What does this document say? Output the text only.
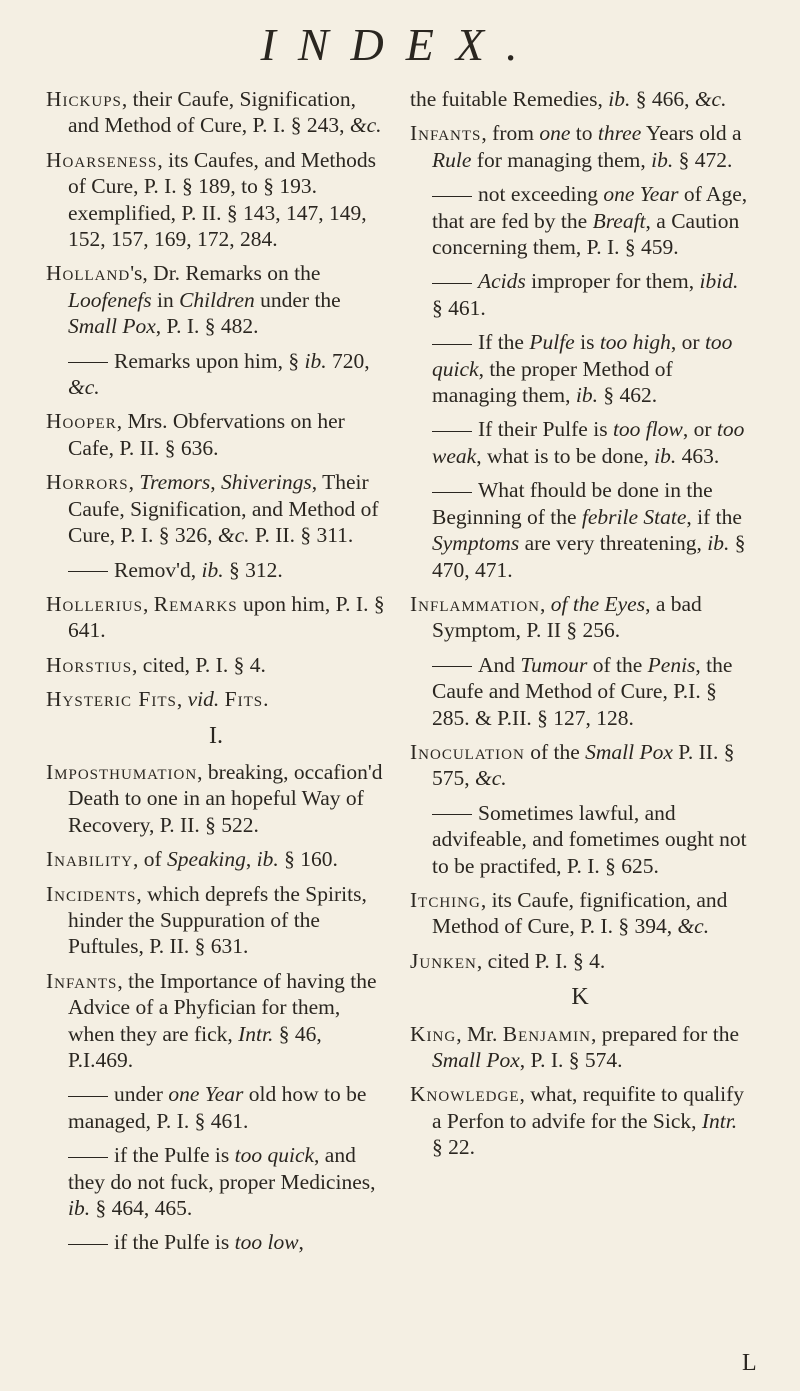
INDEX.

Hickups, their Caufe, Signification, and Method of Cure, P. I. § 243, &c.

Hoarseness, its Caufes, and Methods of Cure, P. I. § 189, to § 193. exemplified, P. II. § 143, 147, 149, 152, 157, 169, 172, 284.

Holland's, Dr. Remarks on the Loofenefs in Children under the Small Pox, P. I. § 482.

Remarks upon him, § ib. 720, &c.

Hooper, Mrs. Obfervations on her Cafe, P. II. § 636.

Horrors, Tremors, Shiverings, Their Caufe, Signification, and Method of Cure, P. I. § 326, &c. P. II. § 311.

Remov'd, ib. § 312.

Hollerius, Remarks upon him, P. I. § 641.

Horstius, cited, P. I. § 4.

Hysteric Fits, vid. Fits.

I.

Imposthumation, breaking, occafion'd Death to one in an hopeful Way of Recovery, P. II. § 522.

Inability, of Speaking, ib. § 160.

Incidents, which deprefs the Spirits, hinder the Suppuration of the Puftules, P. II. § 631.

Infants, the Importance of having the Advice of a Phyfician for them, when they are fick, Intr. § 46, P.I.469.

under one Year old how to be managed, P. I. § 461.

if the Pulfe is too quick, and they do not fuck, proper Medicines, ib. § 464, 465.

if the Pulfe is too low,

the fuitable Remedies, ib. § 466, &c.

Infants, from one to three Years old a Rule for managing them, ib. § 472.

not exceeding one Year of Age, that are fed by the Breaft, a Caution concerning them, P. I. § 459.

Acids improper for them, ibid. § 461.

If the Pulfe is too high, or too quick, the proper Method of managing them, ib. § 462.

If their Pulfe is too flow, or too weak, what is to be done, ib. 463.

What fhould be done in the Beginning of the febrile State, if the Symptoms are very threatening, ib. § 470, 471.

Inflammation, of the Eyes, a bad Symptom, P. II § 256.

And Tumour of the Penis, the Caufe and Method of Cure, P.I. § 285. & P.II. § 127, 128.

Inoculation of the Small Pox P. II. § 575, &c.

Sometimes lawful, and advifeable, and fometimes ought not to be practifed, P. I. § 625.

Itching, its Caufe, fignification, and Method of Cure, P. I. § 394, &c.

Junken, cited P. I. § 4.

K

King, Mr. Benjamin, prepared for the Small Pox, P. I. § 574.

Knowledge, what, requifite to qualify a Perfon to advife for the Sick, Intr. § 22.

L
